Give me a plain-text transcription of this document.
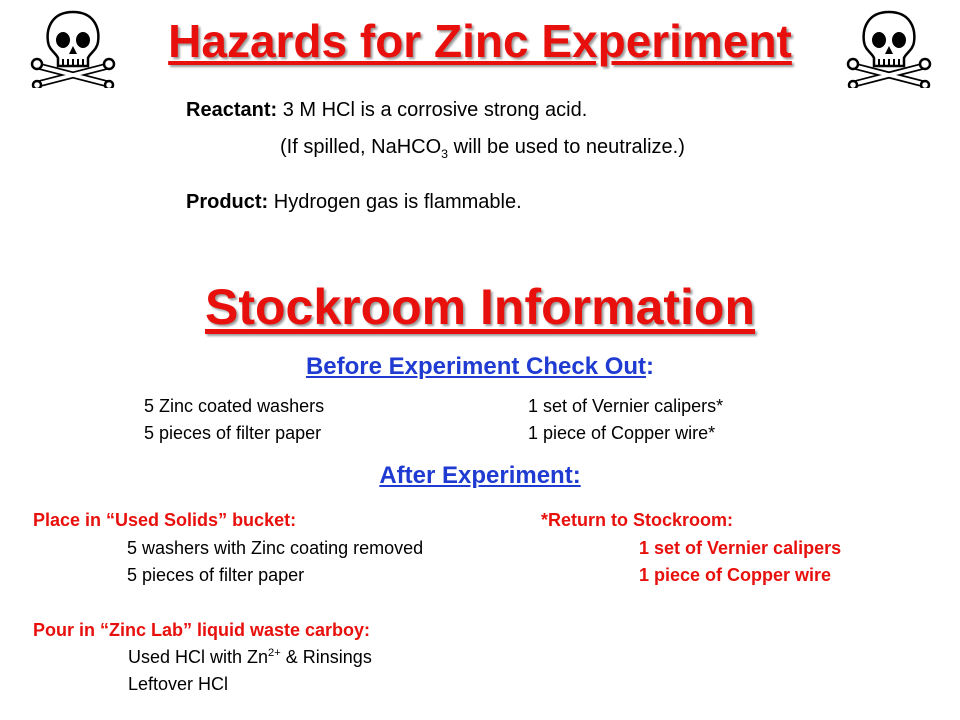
Hazards for Zinc Experiment
Reactant: 3 M HCl is a corrosive strong acid.
(If spilled, NaHCO$_3$ will be used to neutralize.)
Product: Hydrogen gas is flammable.
Stockroom Information
Before Experiment Check Out:
5 Zinc coated washers
5 pieces of filter paper
1 set of Vernier calipers*
1 piece of Copper wire*
After Experiment:
Place in “Used Solids” bucket:
5 washers with Zinc coating removed
5 pieces of filter paper
*Return to Stockroom:
1 set of Vernier calipers
1 piece of Copper wire
Pour in “Zinc Lab” liquid waste carboy:
Used HCl with $Zn^{2+}$ & Rinsings
Leftover HCl
